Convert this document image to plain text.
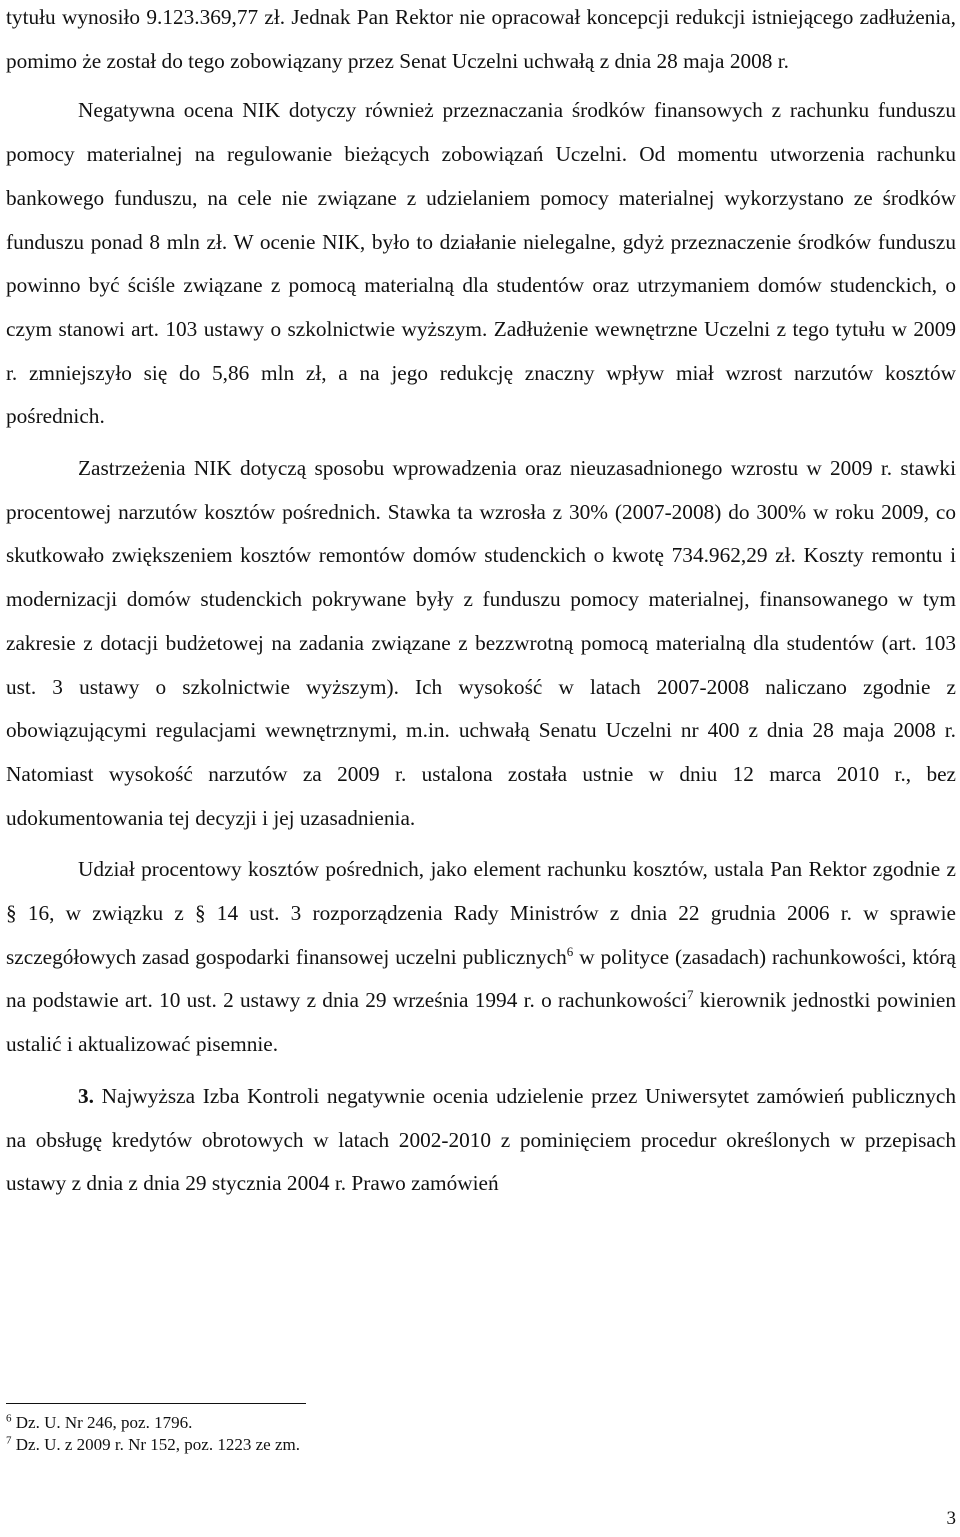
tytułu wynosiło 9.123.369,77 zł. Jednak Pan Rektor nie opracował koncepcji redukcji istniejącego zadłużenia, pomimo że został do tego zobowiązany przez Senat Uczelni uchwałą z dnia 28 maja 2008 r.

Negatywna ocena NIK dotyczy również przeznaczania środków finansowych z rachunku funduszu pomocy materialnej na regulowanie bieżących zobowiązań Uczelni. Od momentu utworzenia rachunku bankowego funduszu, na cele nie związane z udzielaniem pomocy materialnej wykorzystano ze środków funduszu ponad 8 mln zł. W ocenie NIK, było to działanie nielegalne, gdyż przeznaczenie środków funduszu powinno być ściśle związane z pomocą materialną dla studentów oraz utrzymaniem domów studenckich, o czym stanowi art. 103 ustawy o szkolnictwie wyższym. Zadłużenie wewnętrzne Uczelni z tego tytułu w 2009 r. zmniejszyło się do 5,86 mln zł, a na jego redukcję znaczny wpływ miał wzrost narzutów kosztów pośrednich.

Zastrzeżenia NIK dotyczą sposobu wprowadzenia oraz nieuzasadnionego wzrostu w 2009 r. stawki procentowej narzutów kosztów pośrednich. Stawka ta wzrosła z 30% (2007-2008) do 300% w roku 2009, co skutkowało zwiększeniem kosztów remontów domów studenckich o kwotę 734.962,29 zł. Koszty remontu i modernizacji domów studenckich pokrywane były z funduszu pomocy materialnej, finansowanego w tym zakresie z dotacji budżetowej na zadania związane z bezzwrotną pomocą materialną dla studentów (art. 103 ust. 3 ustawy o szkolnictwie wyższym). Ich wysokość w latach 2007-2008 naliczano zgodnie z obowiązującymi regulacjami wewnętrznymi, m.in. uchwałą Senatu Uczelni nr 400 z dnia 28 maja 2008 r. Natomiast wysokość narzutów za 2009 r. ustalona została ustnie w dniu 12 marca 2010 r., bez udokumentowania tej decyzji i jej uzasadnienia.

Udział procentowy kosztów pośrednich, jako element rachunku kosztów, ustala Pan Rektor zgodnie z § 16, w związku z § 14 ust. 3 rozporządzenia Rady Ministrów z dnia 22 grudnia 2006 r. w sprawie szczegółowych zasad gospodarki finansowej uczelni publicznych$^6$ w polityce (zasadach) rachunkowości, którą na podstawie art. 10 ust. 2 ustawy z dnia 29 września 1994 r. o rachunkowości$^7$ kierownik jednostki powinien ustalić i aktualizować pisemnie.

3. Najwyższa Izba Kontroli negatywnie ocenia udzielenie przez Uniwersytet zamówień publicznych na obsługę kredytów obrotowych w latach 2002-2010 z pominięciem procedur określonych w przepisach ustawy z dnia z dnia 29 stycznia 2004 r. Prawo zamówień

$^6$ Dz. U. Nr 246, poz. 1796.

$^7$ Dz. U. z 2009 r. Nr 152, poz. 1223 ze zm.

3
